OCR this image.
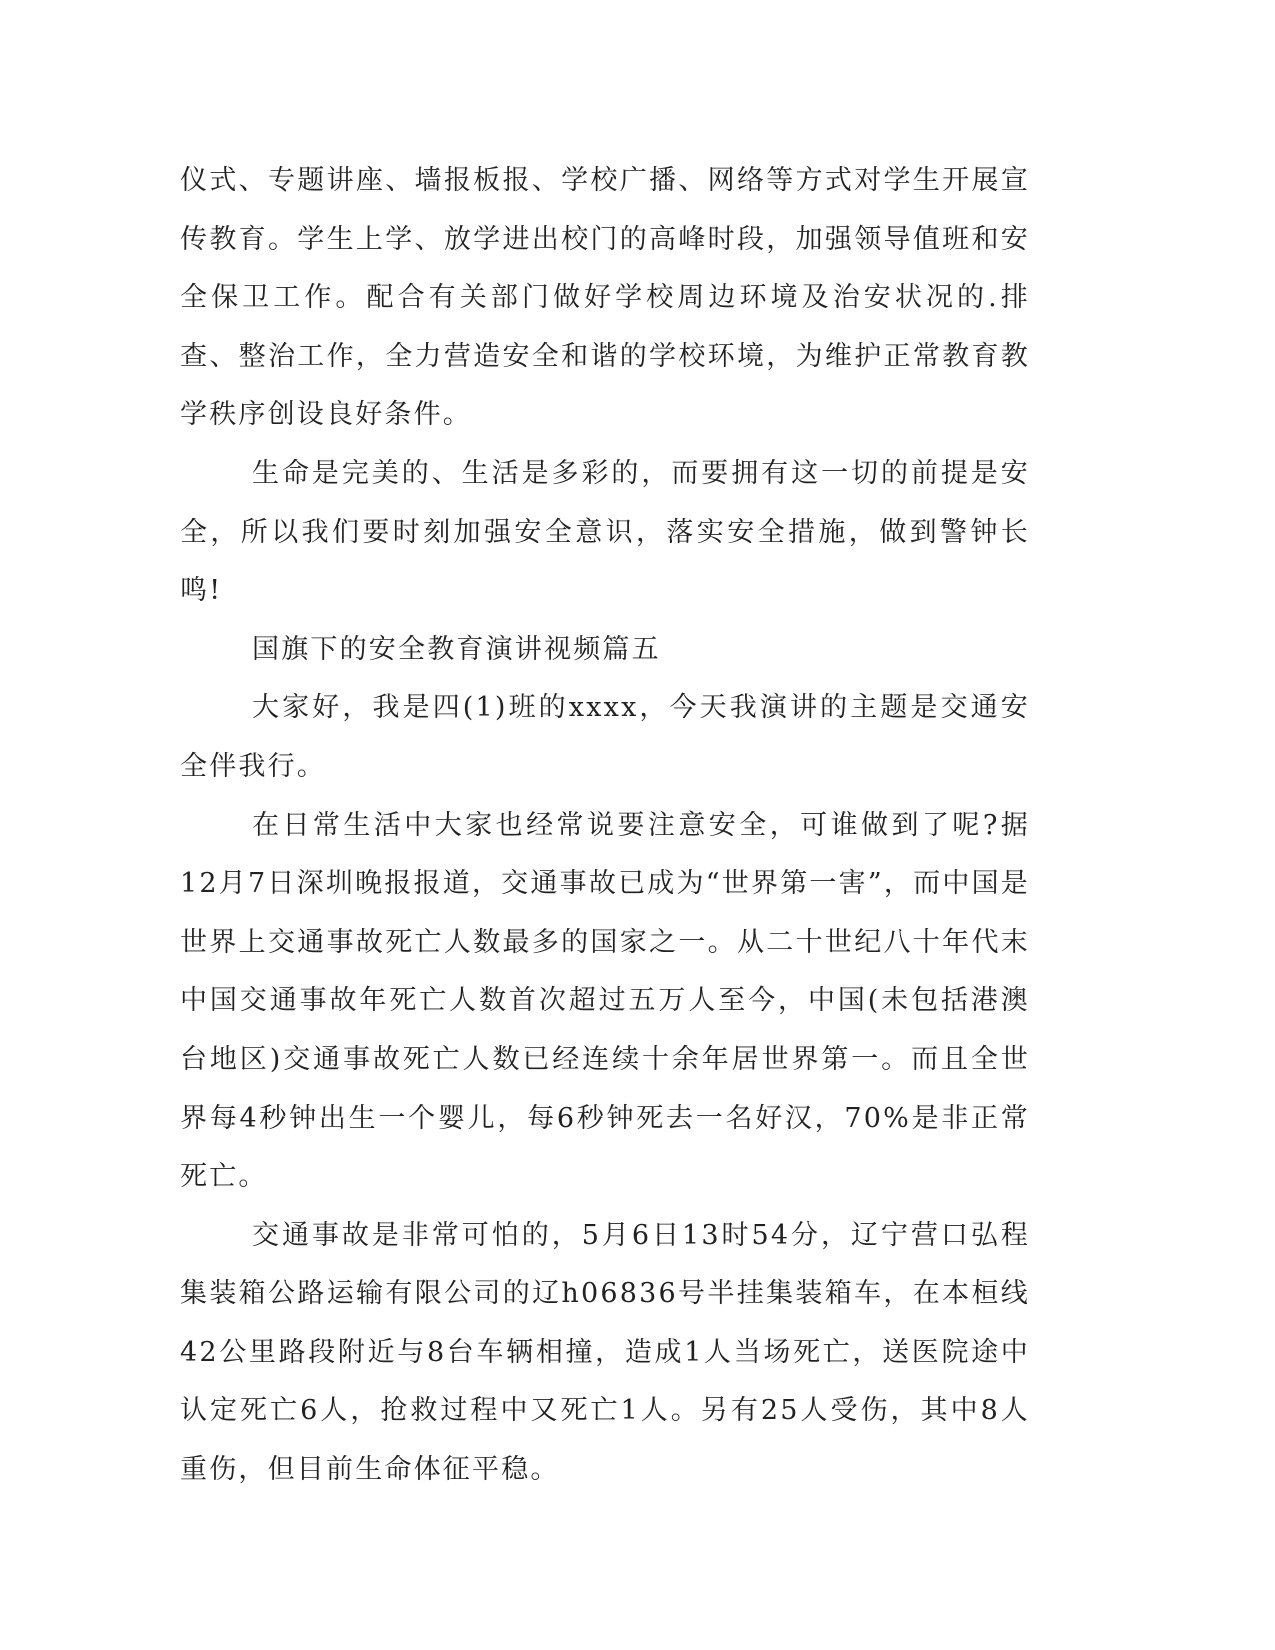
仪式、专题讲座、墙报板报、学校广播、网络等方式对学生开展宣传教育。学生上学、放学进出校门的高峰时段，加强领导值班和安全保卫工作。配合有关部门做好学校周边环境及治安状况的.排查、整治工作，全力营造安全和谐的学校环境，为维护正常教育教学秩序创设良好条件。

生命是完美的、生活是多彩的，而要拥有这一切的前提是安全，所以我们要时刻加强安全意识，落实安全措施，做到警钟长鸣!

国旗下的安全教育演讲视频篇五

大家好，我是四(1)班的xxxx，今天我演讲的主题是交通安全伴我行。

在日常生活中大家也经常说要注意安全，可谁做到了呢?据12月7日深圳晚报报道，交通事故已成为“世界第一害”，而中国是世界上交通事故死亡人数最多的国家之一。从二十世纪八十年代末中国交通事故年死亡人数首次超过五万人至今，中国(未包括港澳台地区)交通事故死亡人数已经连续十余年居世界第一。而且全世界每4秒钟出生一个婴儿，每6秒钟死去一名好汉，70%是非正常死亡。

交通事故是非常可怕的，5月6日13时54分，辽宁营口弘程集装箱公路运输有限公司的辽h06836号半挂集装箱车，在本桓线42公里路段附近与8台车辆相撞，造成1人当场死亡，送医院途中认定死亡6人，抢救过程中又死亡1人。另有25人受伤，其中8人重伤，但目前生命体征平稳。
